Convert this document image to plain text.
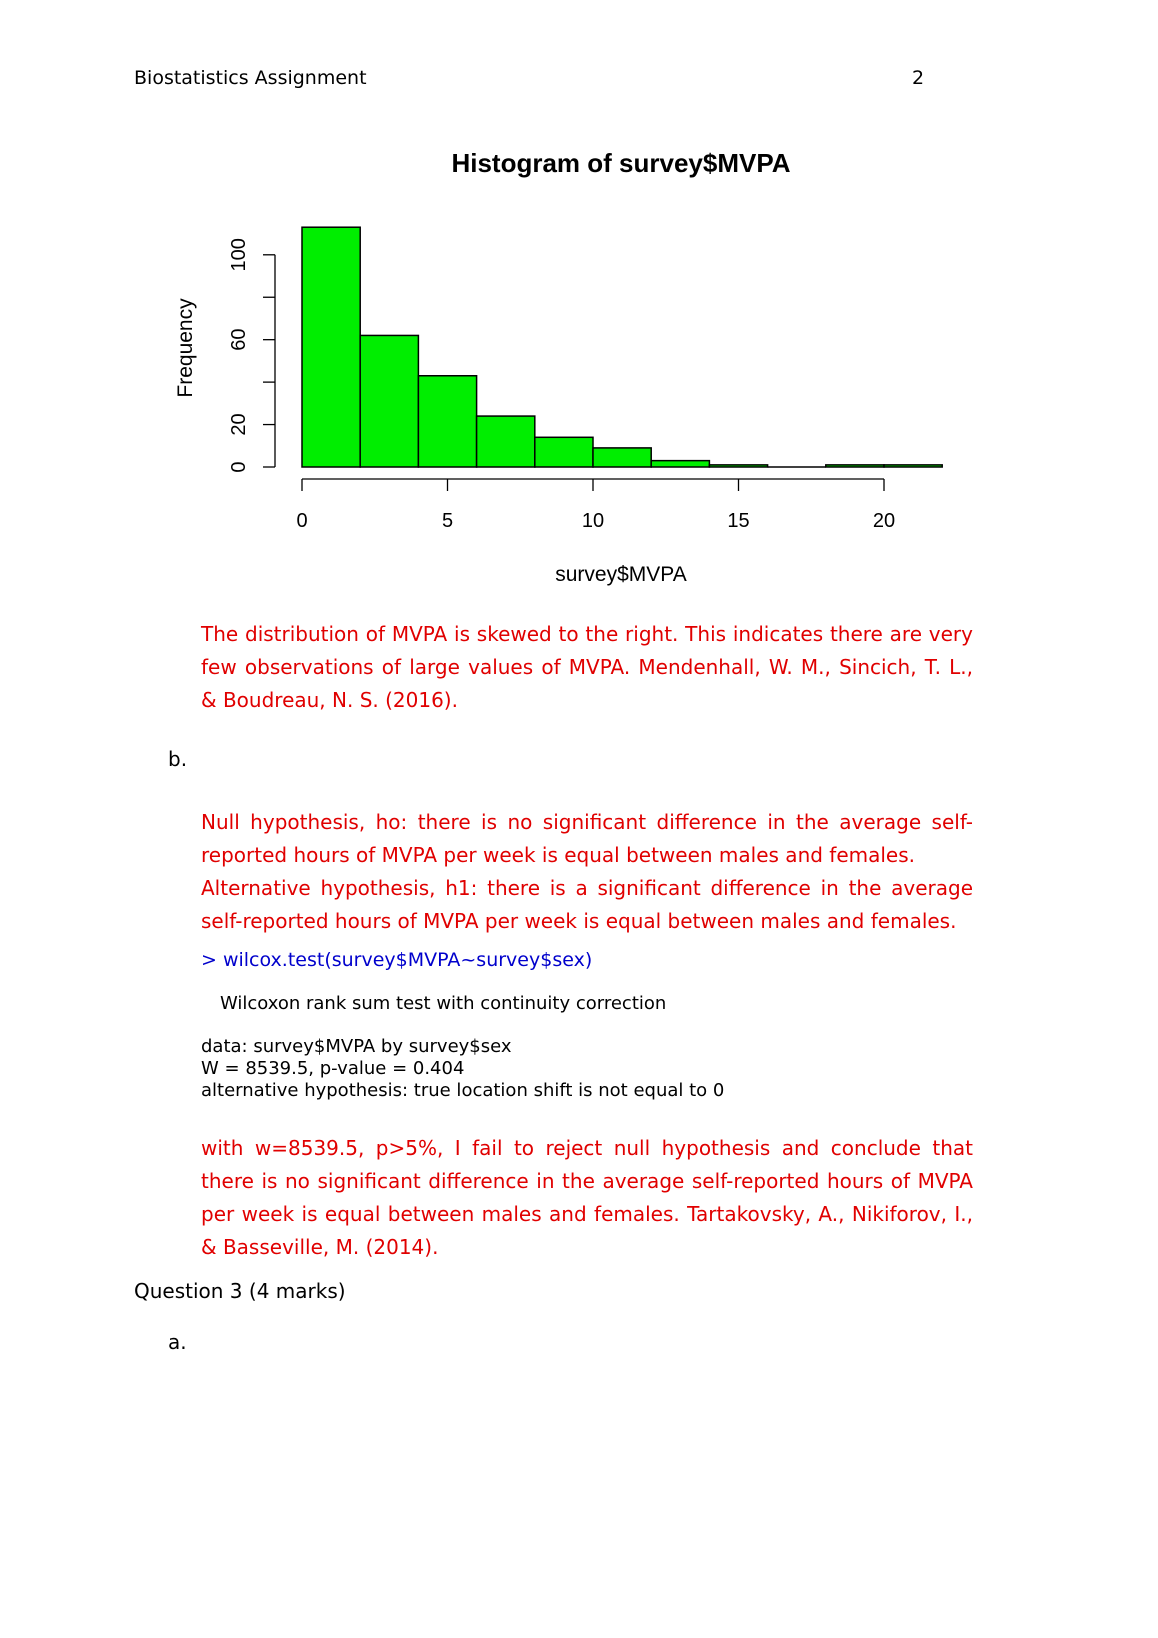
Biostatistics Assignment	2
Histogram of survey$MVPA
Frequency
survey$MVPA
0
20
60
100
0	5	10	15	20
The distribution of MVPA is skewed to the right. This indicates there are very few observations of large values of MVPA. Mendenhall, W. M., Sincich, T. L., & Boudreau, N. S. (2016).
b.

Null hypothesis, ho: there is no significant difference in the average self-reported hours of MVPA per week is equal between males and females.

Alternative hypothesis, h1: there is a significant difference in the average self-reported hours of MVPA per week is equal between males and females.

> wilcox.test(survey$MVPA~survey$sex)
Wilcoxon rank sum test with continuity correction
data: survey$MVPA by survey$sex
W = 8539.5, p-value = 0.404
alternative hypothesis: true location shift is not equal to 0
with w=8539.5, p>5%, I fail to reject null hypothesis and conclude that there is no significant difference in the average self-reported hours of MVPA per week is equal between males and females. Tartakovsky, A., Nikiforov, I., & Basseville, M. (2014).
Question 3 (4 marks)
a.
